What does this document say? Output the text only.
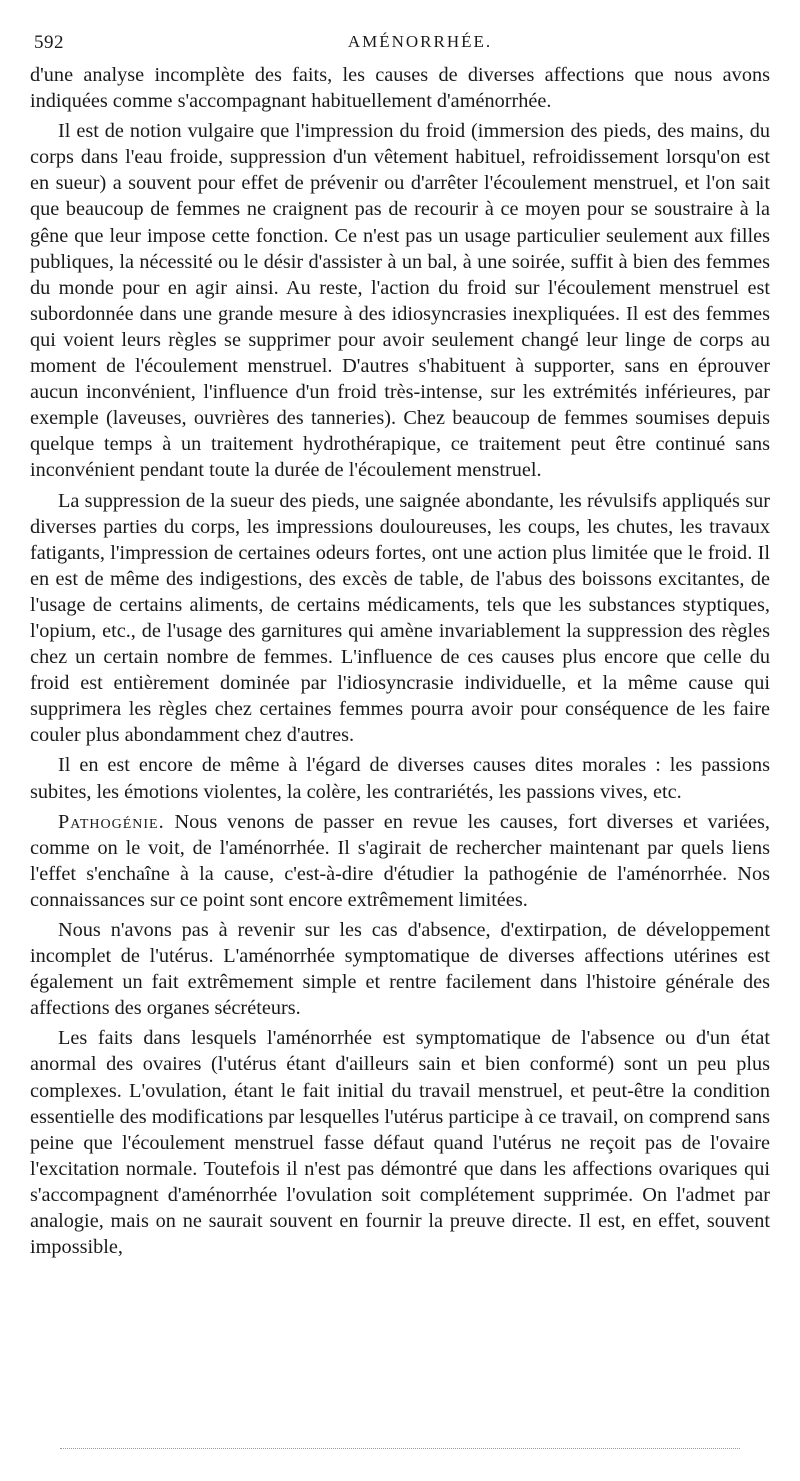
592	AMÉNORRHÉE.

d'une analyse incomplète des faits, les causes de diverses affections que nous avons indiquées comme s'accompagnant habituellement d'aménorrhée.

Il est de notion vulgaire que l'impression du froid (immersion des pieds, des mains, du corps dans l'eau froide, suppression d'un vêtement habituel, refroidissement lorsqu'on est en sueur) a souvent pour effet de prévenir ou d'arrêter l'écoulement menstruel, et l'on sait que beaucoup de femmes ne craignent pas de recourir à ce moyen pour se soustraire à la gêne que leur impose cette fonction. Ce n'est pas un usage particulier seulement aux filles publiques, la nécessité ou le désir d'assister à un bal, à une soirée, suffit à bien des femmes du monde pour en agir ainsi. Au reste, l'action du froid sur l'écoulement menstruel est subordonnée dans une grande mesure à des idiosyncrasies inexpliquées. Il est des femmes qui voient leurs règles se supprimer pour avoir seulement changé leur linge de corps au moment de l'écoulement menstruel. D'autres s'habituent à supporter, sans en éprouver aucun inconvénient, l'influence d'un froid très-intense, sur les extrémités inférieures, par exemple (laveuses, ouvrières des tanneries). Chez beaucoup de femmes soumises depuis quelque temps à un traitement hydrothérapique, ce traitement peut être continué sans inconvénient pendant toute la durée de l'écoulement menstruel.

La suppression de la sueur des pieds, une saignée abondante, les révulsifs appliqués sur diverses parties du corps, les impressions douloureuses, les coups, les chutes, les travaux fatigants, l'impression de certaines odeurs fortes, ont une action plus limitée que le froid. Il en est de même des indigestions, des excès de table, de l'abus des boissons excitantes, de l'usage de certains aliments, de certains médicaments, tels que les substances styptiques, l'opium, etc., de l'usage des garnitures qui amène invariablement la suppression des règles chez un certain nombre de femmes. L'influence de ces causes plus encore que celle du froid est entièrement dominée par l'idiosyncrasie individuelle, et la même cause qui supprimera les règles chez certaines femmes pourra avoir pour conséquence de les faire couler plus abondamment chez d'autres.

Il en est encore de même à l'égard de diverses causes dites morales : les passions subites, les émotions violentes, la colère, les contrariétés, les passions vives, etc.

Pathogénie. Nous venons de passer en revue les causes, fort diverses et variées, comme on le voit, de l'aménorrhée. Il s'agirait de rechercher maintenant par quels liens l'effet s'enchaîne à la cause, c'est-à-dire d'étudier la pathogénie de l'aménorrhée. Nos connaissances sur ce point sont encore extrêmement limitées.

Nous n'avons pas à revenir sur les cas d'absence, d'extirpation, de développement incomplet de l'utérus. L'aménorrhée symptomatique de diverses affections utérines est également un fait extrêmement simple et rentre facilement dans l'histoire générale des affections des organes sécréteurs.

Les faits dans lesquels l'aménorrhée est symptomatique de l'absence ou d'un état anormal des ovaires (l'utérus étant d'ailleurs sain et bien conformé) sont un peu plus complexes. L'ovulation, étant le fait initial du travail menstruel, et peut-être la condition essentielle des modifications par lesquelles l'utérus participe à ce travail, on comprend sans peine que l'écoulement menstruel fasse défaut quand l'utérus ne reçoit pas de l'ovaire l'excitation normale. Toutefois il n'est pas démontré que dans les affections ovariques qui s'accompagnent d'aménorrhée l'ovulation soit complétement supprimée. On l'admet par analogie, mais on ne saurait souvent en fournir la preuve directe. Il est, en effet, souvent impossible,
